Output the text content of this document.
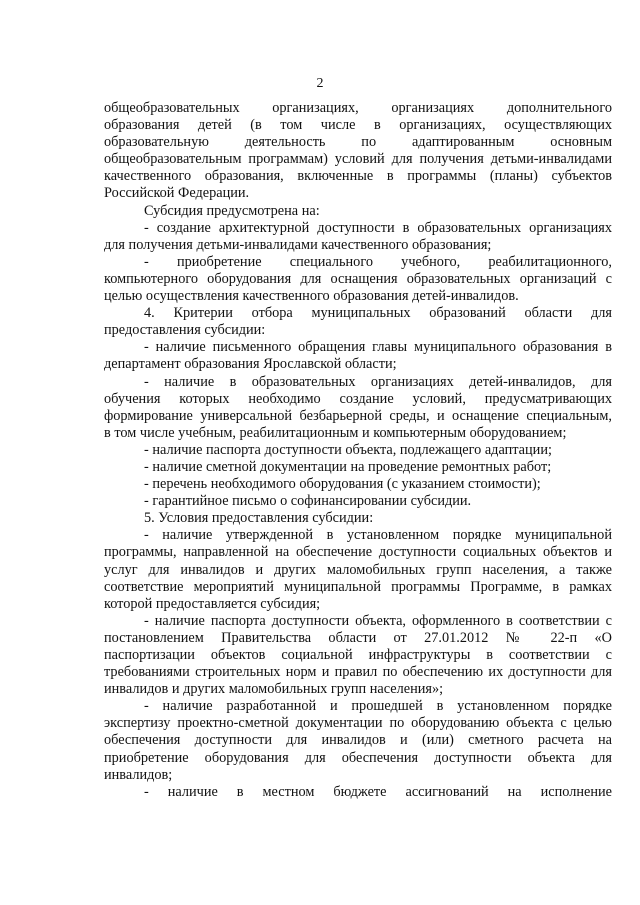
2

общеобразовательных организациях, организациях дополнительного
образования детей (в том числе в организациях, осуществляющих
образовательную деятельность по адаптированным основным
общеобразовательным программам) условий для получения детьми-инвалидами
качественного образования, включенные в программы (планы) субъектов
Российской Федерации.

Субсидия предусмотрена на:

- создание архитектурной доступности в образовательных организациях
для получения детьми-инвалидами качественного образования;

- приобретение специального учебного, реабилитационного,
компьютерного оборудования для оснащения образовательных организаций с
целью осуществления качественного образования детей-инвалидов.

4. Критерии отбора муниципальных образований области для
предоставления субсидии:

- наличие письменного обращения главы муниципального образования в
департамент образования Ярославской области;

- наличие в образовательных организациях детей-инвалидов, для
обучения которых необходимо создание условий, предусматривающих
формирование универсальной безбарьерной среды, и оснащение специальным,
в том числе учебным, реабилитационным и компьютерным оборудованием;

- наличие паспорта доступности объекта, подлежащего адаптации;

- наличие сметной документации на проведение ремонтных работ;

- перечень необходимого оборудования (с указанием стоимости);

- гарантийное письмо о софинансировании субсидии.

5. Условия предоставления субсидии:

- наличие утвержденной в установленном порядке муниципальной
программы, направленной на обеспечение доступности социальных объектов и
услуг для инвалидов и других маломобильных групп населения, а также
соответствие мероприятий муниципальной программы Программе, в рамках
которой предоставляется субсидия;

- наличие паспорта доступности объекта, оформленного в соответствии с
постановлением Правительства области от 27.01.2012 № 22-п «О
паспортизации объектов социальной инфраструктуры в соответствии с
требованиями строительных норм и правил по обеспечению их доступности для
инвалидов и других маломобильных групп населения»;

- наличие разработанной и прошедшей в установленном порядке
экспертизу проектно-сметной документации по оборудованию объекта с целью
обеспечения доступности для инвалидов и (или) сметного расчета на
приобретение оборудования для обеспечения доступности объекта для
инвалидов;

- наличие в местном бюджете ассигнований на исполнение
